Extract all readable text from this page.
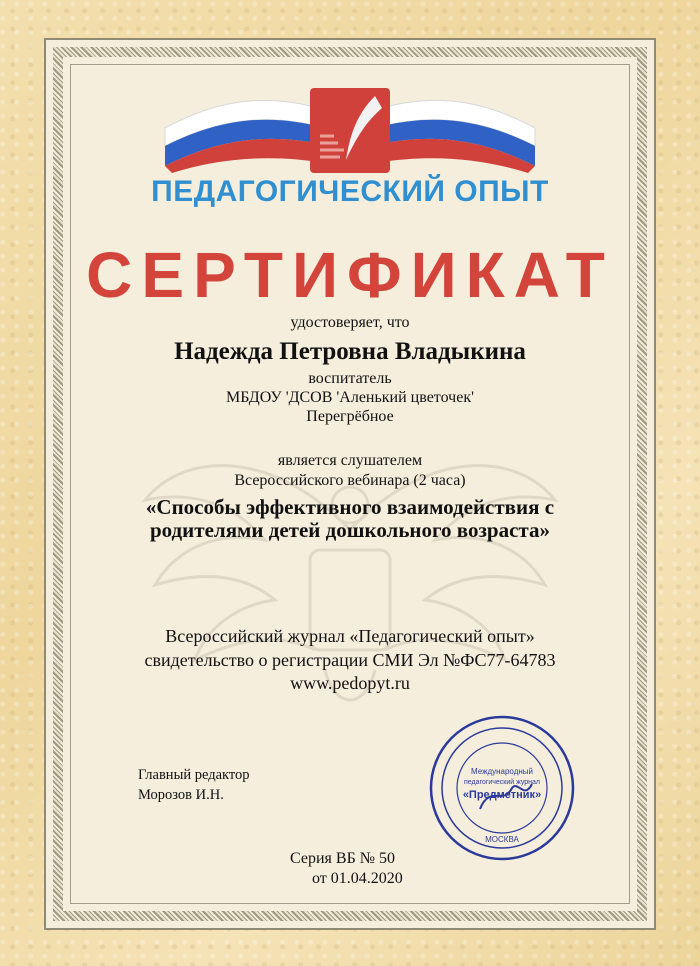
ПЕДАГОГИЧЕСКИЙ ОПЫТ
СЕРТИФИКАТ
удостоверяет, что
Надежда Петровна Владыкина
воспитатель
МБДОУ 'ДСОВ 'Аленький цветочек'
Перегрёбное
является слушателем
Всероссийского вебинара (2 часа)
«Способы эффективного взаимодействия с
родителями детей дошкольного возраста»
Всероссийский журнал «Педагогический опыт»
свидетельство о регистрации СМИ Эл №ФС77-64783
www.pedopyt.ru
Главный редактор
Морозов И.Н.
Международный
педагогический журнал
«Предметник»
МОСКВА
Серия ВБ № 50
от 01.04.2020
